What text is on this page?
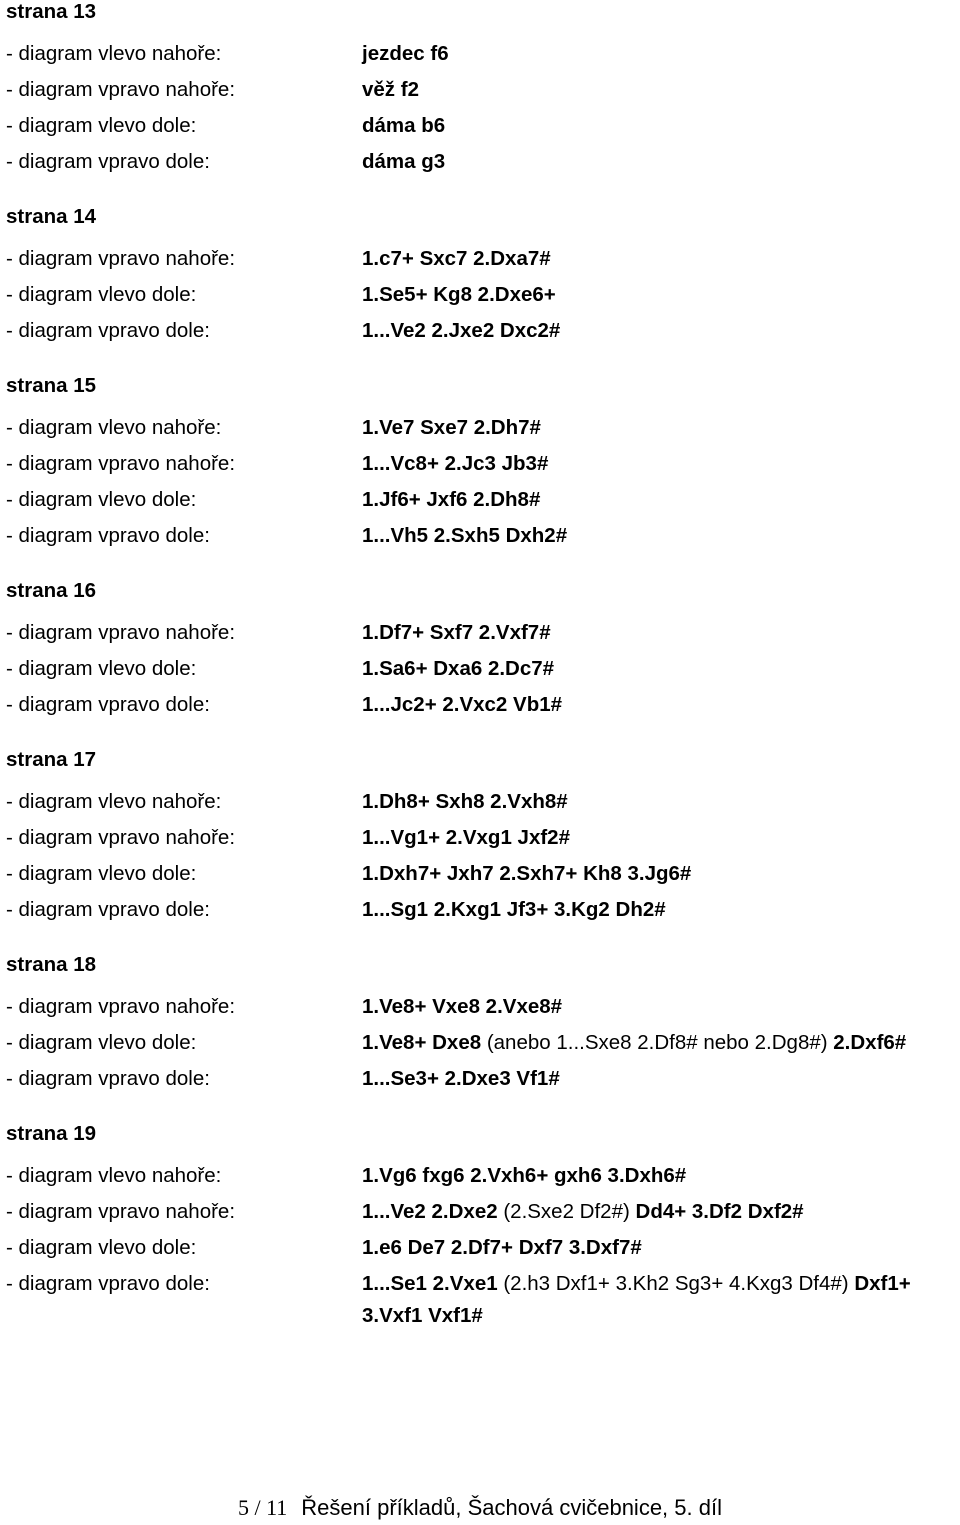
strana 13
- diagram vlevo nahoře:	jezdec f6
- diagram vpravo nahoře:	věž f2
- diagram vlevo dole:	dáma b6
- diagram vpravo dole:	dáma g3
strana 14
- diagram vpravo nahoře:	1.c7+ Sxc7 2.Dxa7#
- diagram vlevo dole:	1.Se5+ Kg8 2.Dxe6+
- diagram vpravo dole:	1...Ve2 2.Jxe2 Dxc2#
strana 15
- diagram vlevo nahoře:	1.Ve7 Sxe7 2.Dh7#
- diagram vpravo nahoře:	1...Vc8+ 2.Jc3 Jb3#
- diagram vlevo dole:	1.Jf6+ Jxf6 2.Dh8#
- diagram vpravo dole:	1...Vh5 2.Sxh5 Dxh2#
strana 16
- diagram vpravo nahoře:	1.Df7+ Sxf7 2.Vxf7#
- diagram vlevo dole:	1.Sa6+ Dxa6 2.Dc7#
- diagram vpravo dole:	1...Jc2+ 2.Vxc2 Vb1#
strana 17
- diagram vlevo nahoře:	1.Dh8+ Sxh8 2.Vxh8#
- diagram vpravo nahoře:	1...Vg1+ 2.Vxg1 Jxf2#
- diagram vlevo dole:	1.Dxh7+ Jxh7 2.Sxh7+ Kh8 3.Jg6#
- diagram vpravo dole:	1...Sg1 2.Kxg1 Jf3+ 3.Kg2 Dh2#
strana 18
- diagram vpravo nahoře:	1.Ve8+ Vxe8 2.Vxe8#
- diagram vlevo dole:	1.Ve8+ Dxe8 (anebo 1...Sxe8 2.Df8# nebo 2.Dg8#) 2.Dxf6#
- diagram vpravo dole:	1...Se3+ 2.Dxe3 Vf1#
strana 19
- diagram vlevo nahoře:	1.Vg6 fxg6 2.Vxh6+ gxh6 3.Dxh6#
- diagram vpravo nahoře:	1...Ve2 2.Dxe2 (2.Sxe2 Df2#) Dd4+ 3.Df2 Dxf2#
- diagram vlevo dole:	1.e6 De7 2.Df7+ Dxf7 3.Dxf7#
- diagram vpravo dole:	1...Se1 2.Vxe1 (2.h3 Dxf1+ 3.Kh2 Sg3+ 4.Kxg3 Df4#) Dxf1+ 3.Vxf1 Vxf1#
5 / 11 Řešení příkladů, Šachová cvičebnice, 5. díl
